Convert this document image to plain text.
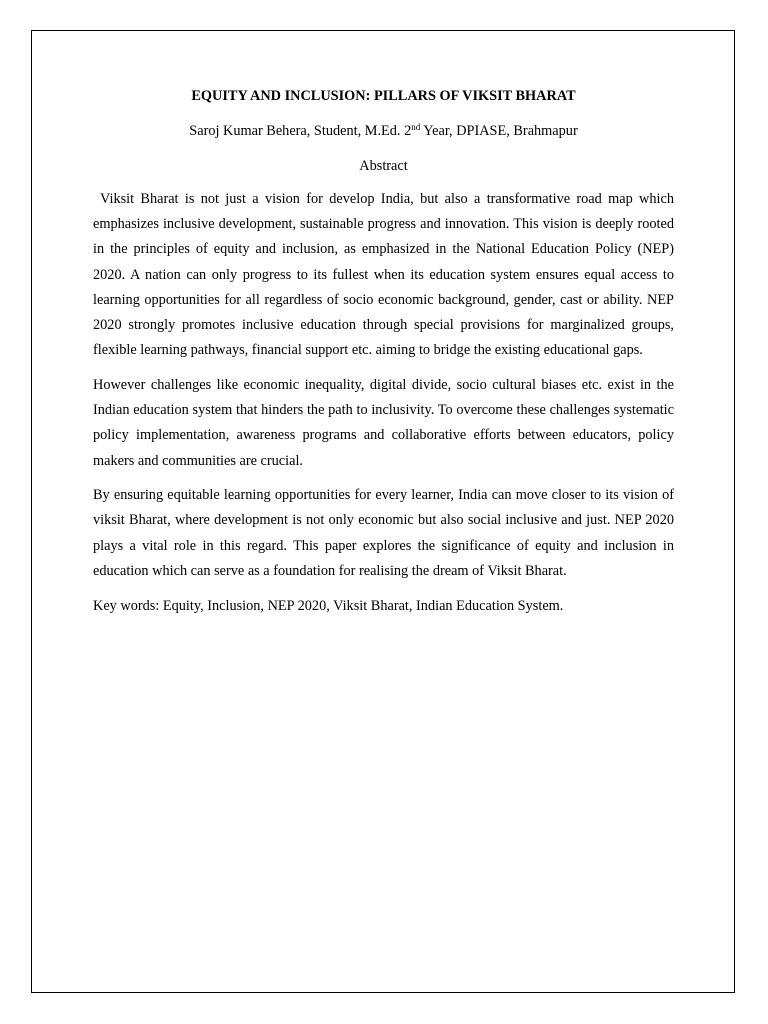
EQUITY AND INCLUSION: PILLARS OF VIKSIT BHARAT

Saroj Kumar Behera, Student, M.Ed. 2nd Year, DPIASE, Brahmapur

Abstract

Viksit Bharat is not just a vision for develop India, but also a transformative road map which emphasizes inclusive development, sustainable progress and innovation. This vision is deeply rooted in the principles of equity and inclusion, as emphasized in the National Education Policy (NEP) 2020. A nation can only progress to its fullest when its education system ensures equal access to learning opportunities for all regardless of socio economic background, gender, cast or ability. NEP 2020 strongly promotes inclusive education through special provisions for marginalized groups, flexible learning pathways, financial support etc. aiming to bridge the existing educational gaps.

However challenges like economic inequality, digital divide, socio cultural biases etc. exist in the Indian education system that hinders the path to inclusivity. To overcome these challenges systematic policy implementation, awareness programs and collaborative efforts between educators, policy makers and communities are crucial.

By ensuring equitable learning opportunities for every learner, India can move closer to its vision of viksit Bharat, where development is not only economic but also social inclusive and just. NEP 2020 plays a vital role in this regard. This paper explores the significance of equity and inclusion in education which can serve as a foundation for realising the dream of Viksit Bharat.

Key words: Equity, Inclusion, NEP 2020, Viksit Bharat, Indian Education System.
